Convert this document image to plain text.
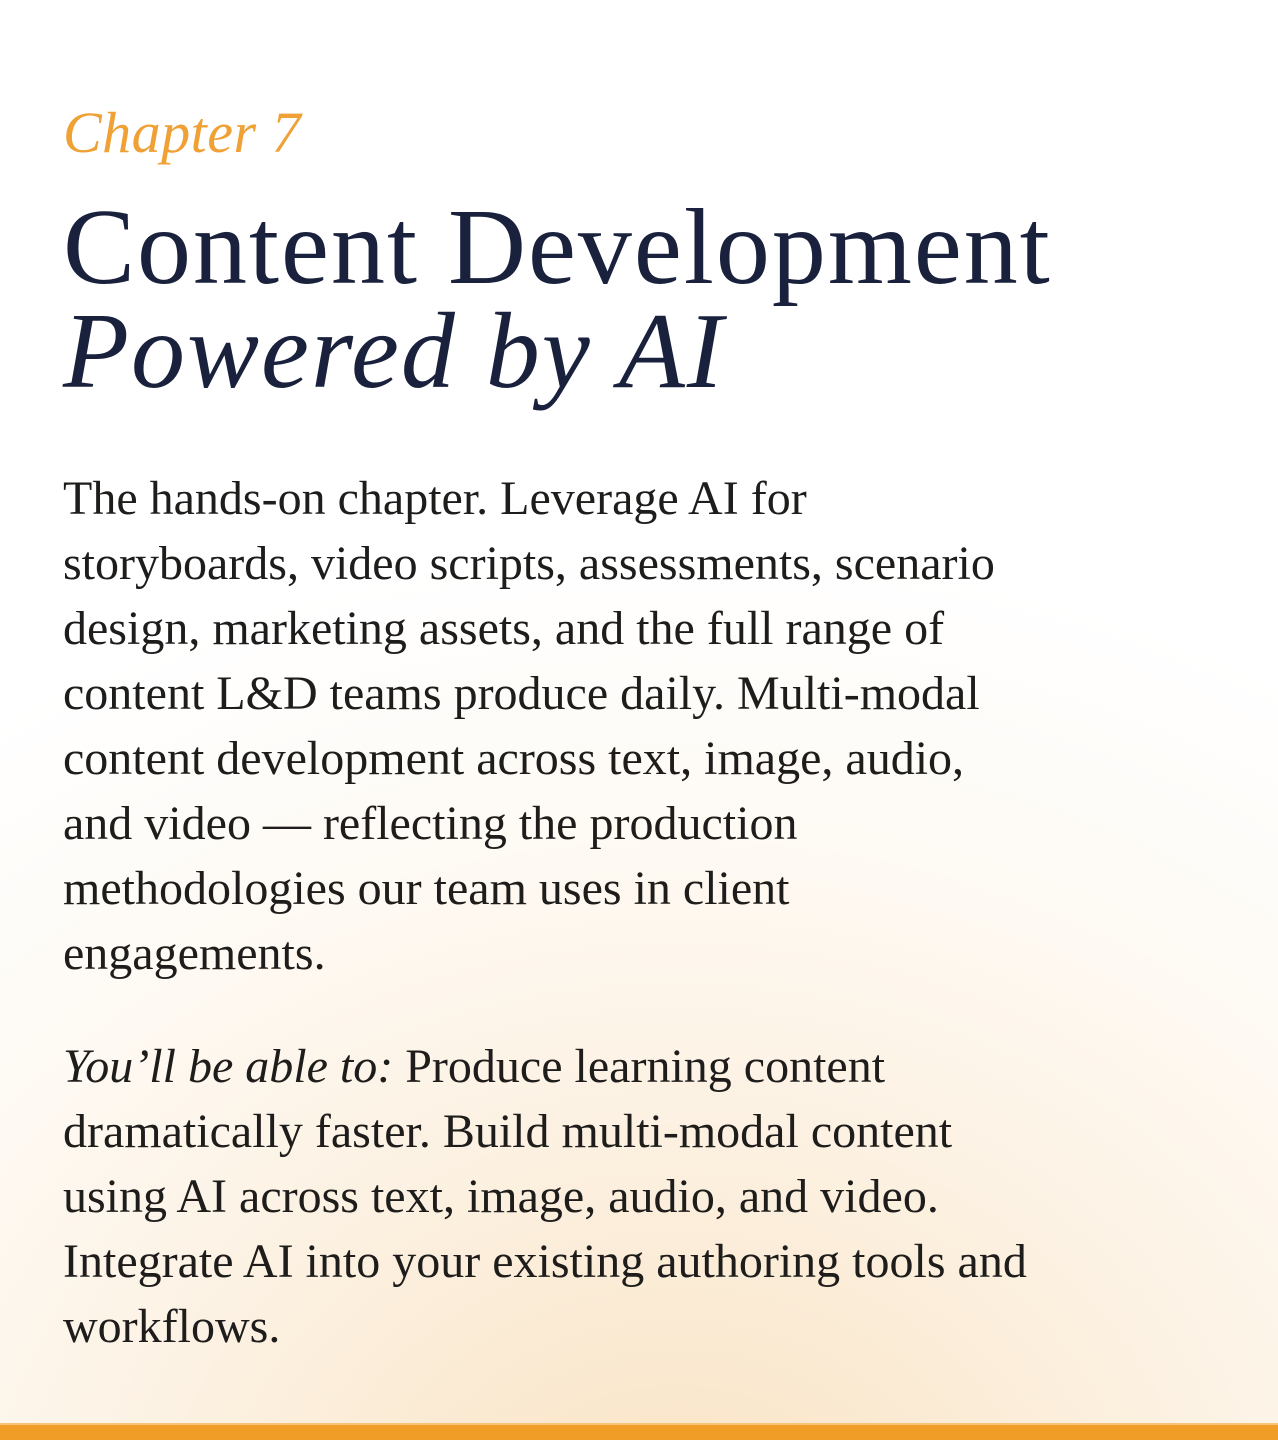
Chapter 7
Content Development
Powered by AI
The hands-on chapter. Leverage AI for
storyboards, video scripts, assessments, scenario
design, marketing assets, and the full range of
content L&D teams produce daily. Multi-modal
content development across text, image, audio,
and video — reflecting the production
methodologies our team uses in client
engagements.
You’ll be able to: Produce learning content
dramatically faster. Build multi-modal content
using AI across text, image, audio, and video.
Integrate AI into your existing authoring tools and
workflows.
